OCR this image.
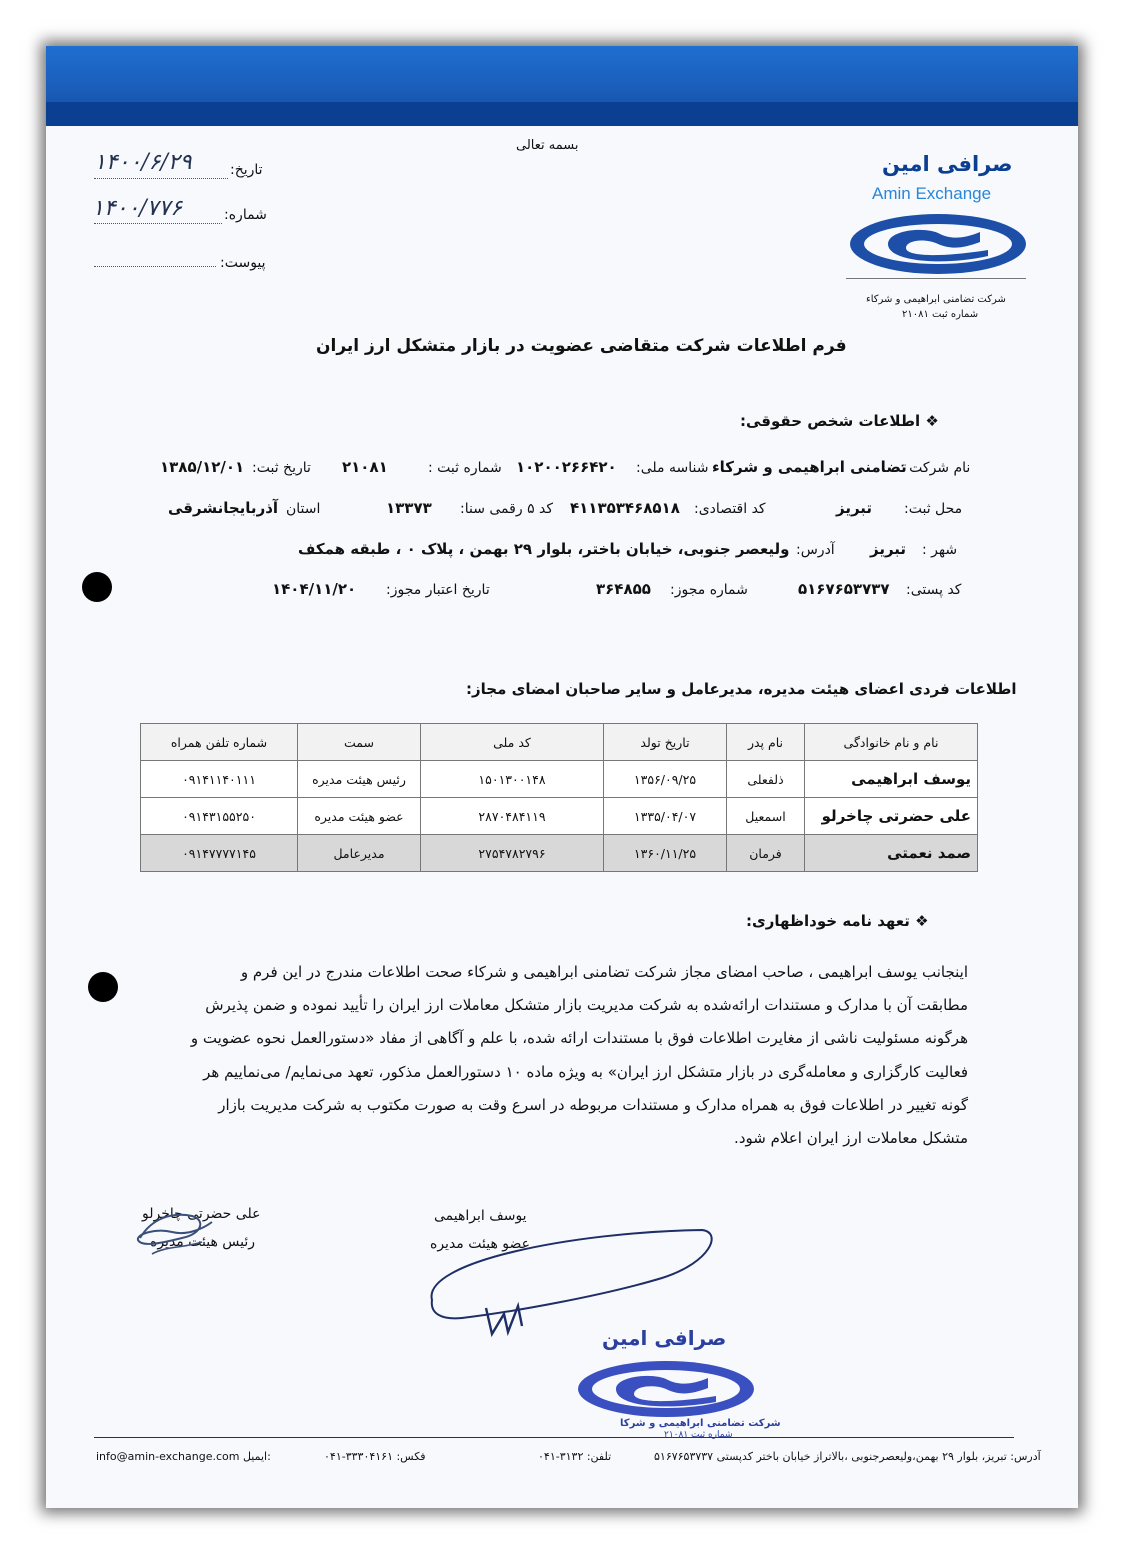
بسمه تعالی
تاریخ:
۱۴۰۰/۶/۲۹
شماره:
۱۴۰۰/۷۷۶
پیوست:
صرافی امین
Amin Exchange
شرکت تضامنی ابراهیمی و شرکاء
شماره ثبت ۲۱۰۸۱
فرم اطلاعات شرکت متقاضی عضویت در بازار متشکل ارز ایران
❖ اطلاعات شخص حقوقی:
نام شرکت :
تضامنی ابراهیمی و شرکاء
شناسه ملی:
۱۰۲۰۰۲۶۶۴۲۰
شماره ثبت :
۲۱۰۸۱
تاریخ ثبت:
۱۳۸۵/۱۲/۰۱
محل ثبت:
تبریز
کد اقتصادی:
۴۱۱۳۵۳۴۶۸۵۱۸
کد ۵ رقمی سنا:
۱۳۳۷۳
استان
آذربایجانشرقی
شهر :
تبریز
آدرس:
ولیعصر جنوبی، خیابان باختر، بلوار ۲۹ بهمن ، پلاک ۰ ، طبقه همکف
کد پستی:
۵۱۶۷۶۵۳۷۳۷
شماره مجوز:
۳۶۴۸۵۵
تاریخ اعتبار مجوز:
۱۴۰۴/۱۱/۲۰
اطلاعات فردی اعضای هیئت مدیره، مدیرعامل و سایر صاحبان امضای مجاز:
نام و نام خانوادگی	نام پدر	تاریخ تولد	کد ملی	سمت	شماره تلفن همراه
یوسف ابراهیمی	ذلفعلی	۱۳۵۶/۰۹/۲۵	۱۵۰۱۳۰۰۱۴۸	رئیس هیئت مدیره	۰۹۱۴۱۱۴۰۱۱۱
علی حضرتی چاخرلو	اسمعیل	۱۳۳۵/۰۴/۰۷	۲۸۷۰۴۸۴۱۱۹	عضو هیئت مدیره	۰۹۱۴۳۱۵۵۲۵۰
صمد نعمتی	فرمان	۱۳۶۰/۱۱/۲۵	۲۷۵۴۷۸۲۷۹۶	مدیرعامل	۰۹۱۴۷۷۷۷۱۴۵
❖ تعهد نامه خوداظهاری:
اینجانب یوسف ابراهیمی ، صاحب امضای مجاز شرکت تضامنی ابراهیمی و شرکاء صحت اطلاعات مندرج در این فرم و
مطابقت آن با مدارک و مستندات ارائه‌شده به شرکت مدیریت بازار متشکل معاملات ارز ایران را تأیید نموده و ضمن پذیرش
هرگونه مسئولیت ناشی از مغایرت اطلاعات فوق با مستندات ارائه شده، با علم و آگاهی از مفاد «دستورالعمل نحوه عضویت و
فعالیت کارگزاری و معامله‌گری در بازار متشکل ارز ایران» به ویژه ماده ۱۰ دستورالعمل مذکور، تعهد می‌نمایم/ می‌نماییم هر
گونه تغییر در اطلاعات فوق به همراه مدارک و مستندات مربوطه در اسرع وقت به صورت مکتوب به شرکت مدیریت بازار
متشکل معاملات ارز ایران اعلام شود.
علی حضرتی چاخرلو
رئیس هیئت مدیره
یوسف ابراهیمی
عضو هیئت مدیره
صرافی امین
شرکت تضامنی ابراهیمی و شرکا
شماره ثبت ۲۱۰۸۱
آدرس: تبریز، بلوار ۲۹ بهمن،ولیعصرجنوبی ،بالاتراز خیابان باختر کدپستی ۵۱۶۷۶۵۳۷۳۷
تلفن: ۳۱۳۲-۰۴۱
فکس: ۳۳۳۰۴۱۶۱-۰۴۱
info@amin-exchange.com ایمیل:
